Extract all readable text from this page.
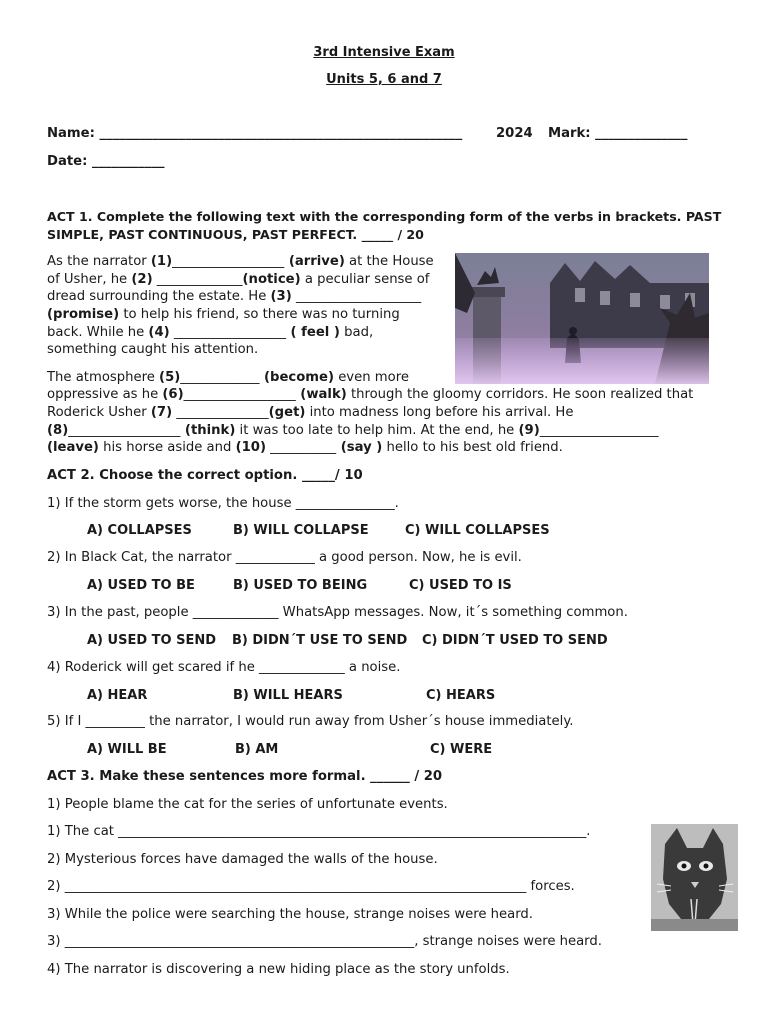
3rd Intensive Exam
Units 5, 6 and 7
Name: _______________________________________________________	2024 Mark: ______________
Date: ___________
ACT 1. Complete the following text with the corresponding form of the verbs in brackets. PAST
SIMPLE, PAST CONTINUOUS, PAST PERFECT. _____ / 20
As the narrator (1)_________________ (arrive) at the House
of Usher, he (2) _____________(notice) a peculiar sense of
dread surrounding the estate. He (3) ___________________
(promise) to help his friend, so there was no turning
back. While he (4) _________________ ( feel ) bad,
something caught his attention.
The atmosphere (5)____________ (become) even more
oppressive as he (6)_________________ (walk) through the gloomy corridors. He soon realized that
Roderick Usher (7) ______________(get) into madness long before his arrival. He
(8)_________________ (think) it was too late to help him. At the end, he (9)__________________
(leave) his horse aside and (10) __________ (say ) hello to his best old friend.
ACT 2. Choose the correct option. _____/ 10
1) If the storm gets worse, the house _______________.
A) COLLAPSES	B) WILL COLLAPSE	C) WILL COLLAPSES
2) In Black Cat, the narrator ____________ a good person. Now, he is evil.
A) USED TO BE	B) USED TO BEING	C) USED TO IS
3) In the past, people _____________ WhatsApp messages. Now, it´s something common.
A) USED TO SEND B) DIDN´T USE TO SEND C) DIDN´T USED TO SEND
4) Roderick will get scared if he _____________ a noise.
A) HEAR	B) WILL HEARS	C) HEARS
5) If I _________ the narrator, I would run away from Usher´s house immediately.
A) WILL BE	B) AM	C) WERE
ACT 3. Make these sentences more formal. ______ / 20
1) People blame the cat for the series of unfortunate events.
1) The cat _______________________________________________________________________.
2) Mysterious forces have damaged the walls of the house.
2) ______________________________________________________________________ forces.
3) While the police were searching the house, strange noises were heard.
3) _____________________________________________________, strange noises were heard.
4) The narrator is discovering a new hiding place as the story unfolds.
